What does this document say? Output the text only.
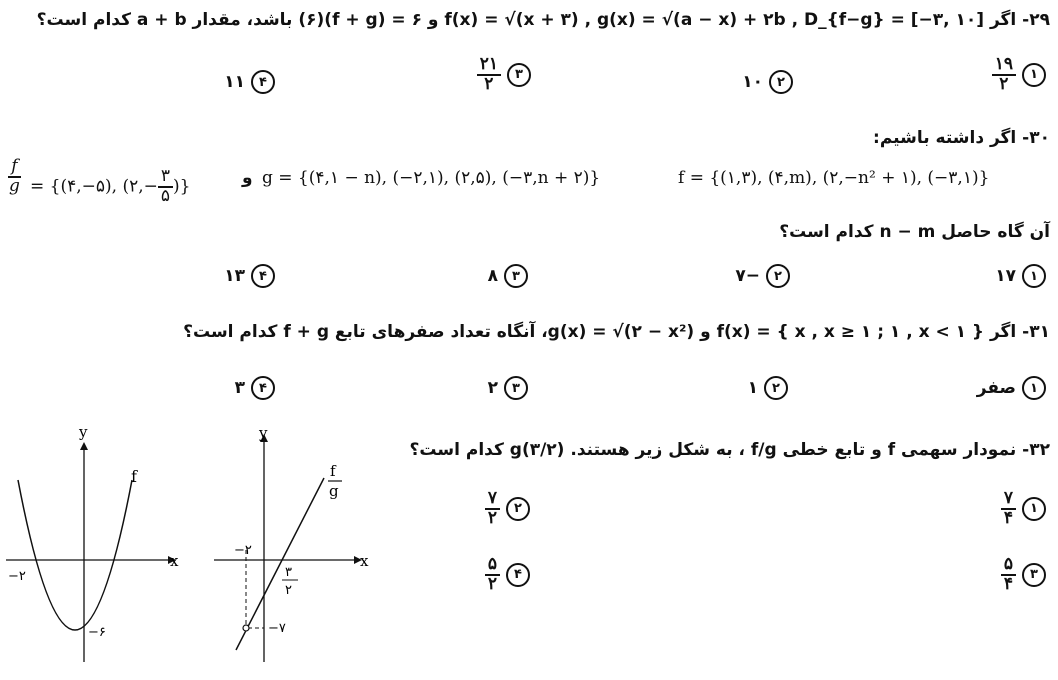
۲۹- اگر f(x) = √(x + ۳) , g(x) = √(a − x) + ۲b , D_{f−g} = [−۳, ۱۰] و ۶ = (f + g)(۶) باشد، مقدار a + b کدام است؟
۱
$\frac{۱۹}{۲}$
۲
۱۰
۳
$\frac{۲۱}{۲}$
۴
۱۱
۳۰- اگر داشته باشیم:
$\frac{f}{g}$ = {(۴,−۵), (۲,− $\frac{۳}{۵}$ )}	و g = {(۴,۱ − n), (−۲,۱), (۲,۵), (−۳,n + ۲)}	f = {(۱,۳), (۴,m), (۲,−n² + ۱), (−۳,۱)}
آن گاه حاصل n − m کدام است؟
۱
۱۷
۲
−۷
۳
۸
۴
۱۳
۳۱- اگر f(x) = { x , x ≥ ۱ ; ۱ , x < ۱ } و g(x) = √(۲ − x²)، آنگاه تعداد صفرهای تابع f + g کدام است؟
۱
صفر
۲
۱
۳
۲
۴
۳
۳۲- نمودار سهمی f و تابع خطی f/g ، به شکل زیر هستند. g(۳/۲) کدام است؟
۱
$\frac{۷}{۴}$
۲
$\frac{۷}{۲}$
۳
$\frac{۵}{۴}$
۴
$\frac{۵}{۲}$
x
y
f
−۲
−۶
x
y
f
g
−۲
۳
۲
−۷
